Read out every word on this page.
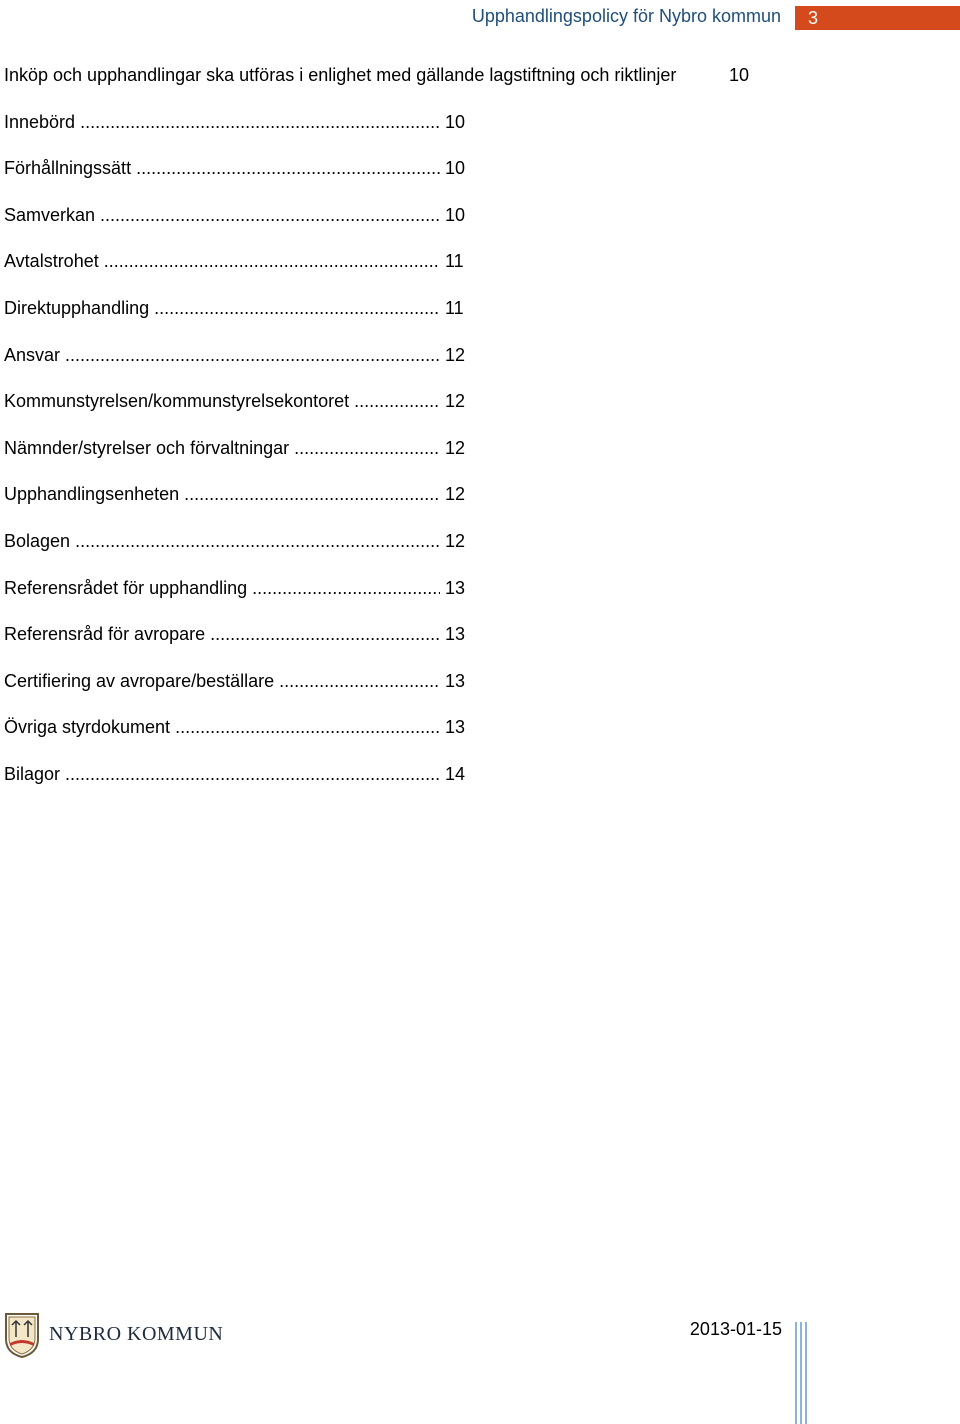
Upphandlingspolicy för Nybro kommun	3
Inköp och upphandlingar ska utföras i enlighet med gällande lagstiftning och riktlinjer	10
Innebörd .....	10
Förhållningssätt .....	10
Samverkan .....	10
Avtalstrohet .....	11
Direktupphandling .....	11
Ansvar .....	12
Kommunstyrelsen/kommunstyrelsekontoret .....	12
Nämnder/styrelser och förvaltningar .....	12
Upphandlingsenheten .....	12
Bolagen .....	12
Referensrådet för upphandling .....	13
Referensråd för avropare .....	13
Certifiering av avropare/beställare .....	13
Övriga styrdokument .....	13
Bilagor .....	14
NYBRO KOMMUN	2013-01-15
